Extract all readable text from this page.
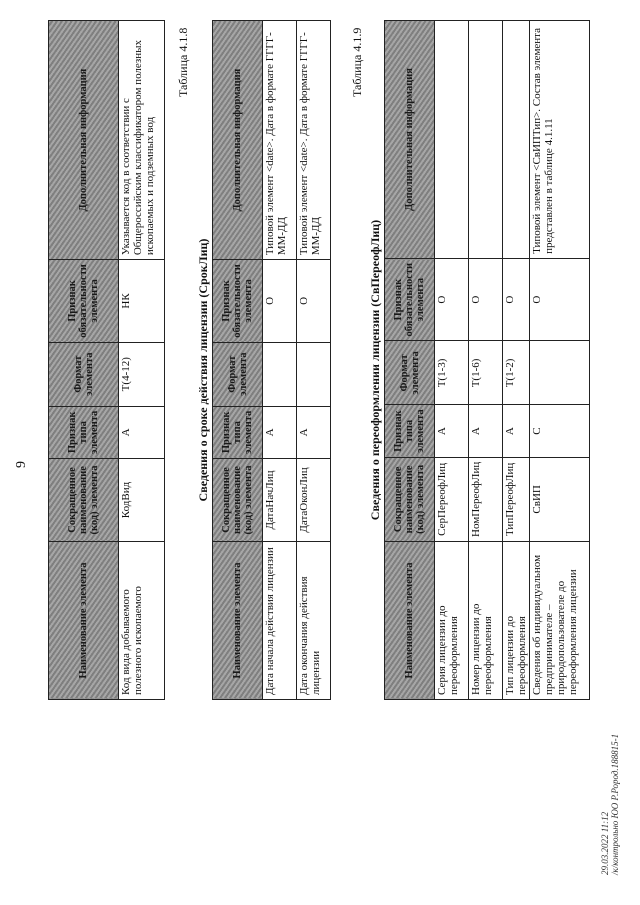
9
Наименование элемента	Сокращенное наименование (код) элемента	Признак типа элемента	Формат элемента	Признак обязательности элемента	Дополнительная информация
Код вида добываемого полезного ископаемого	КодВид	А	T(4-12)	НК	Указывается код в соответствии с Общероссийским классификатором полезных ископаемых и подземных вод
Таблица 4.1.8
Сведения о сроке действия лицензии (СрокЛиц)
Наименование элемента	Сокращенное наименование (код) элемента	Признак типа элемента	Формат элемента	Признак обязательности элемента	Дополнительная информация
Дата начала действия лицензии	ДатаНачЛиц	А		О	Типовой элемент <date>. Дата в формате ГГГГ-ММ-ДД
Дата окончания действия лицензии	ДатаОконЛиц	А		О	Типовой элемент <date>. Дата в формате ГГГГ-ММ-ДД
Таблица 4.1.9
Сведения о переоформлении лицензии (СвПереофЛиц)
Наименование элемента	Сокращенное наименование (код) элемента	Признак типа элемента	Формат элемента	Признак обязательности элемента	Дополнительная информация
Серия лицензии до переоформления	СерПереофЛиц	А	T(1-3)	О	
Номер лицензии до переоформления	НомПереофЛиц	А	T(1-6)	О	
Тип лицензии до переоформления	ТипПереофЛиц	А	T(1-2)	О	
Сведения об индивидуальном предпринимателе – природопользователе до переоформления лицензии	СвИП	С		О	Типовой элемент <СвИПТип>. Состав элемента представлен в таблице 4.1.11
29.03.2022 11:12 /к/контрольно ЮО Р.Рород.188815-1
